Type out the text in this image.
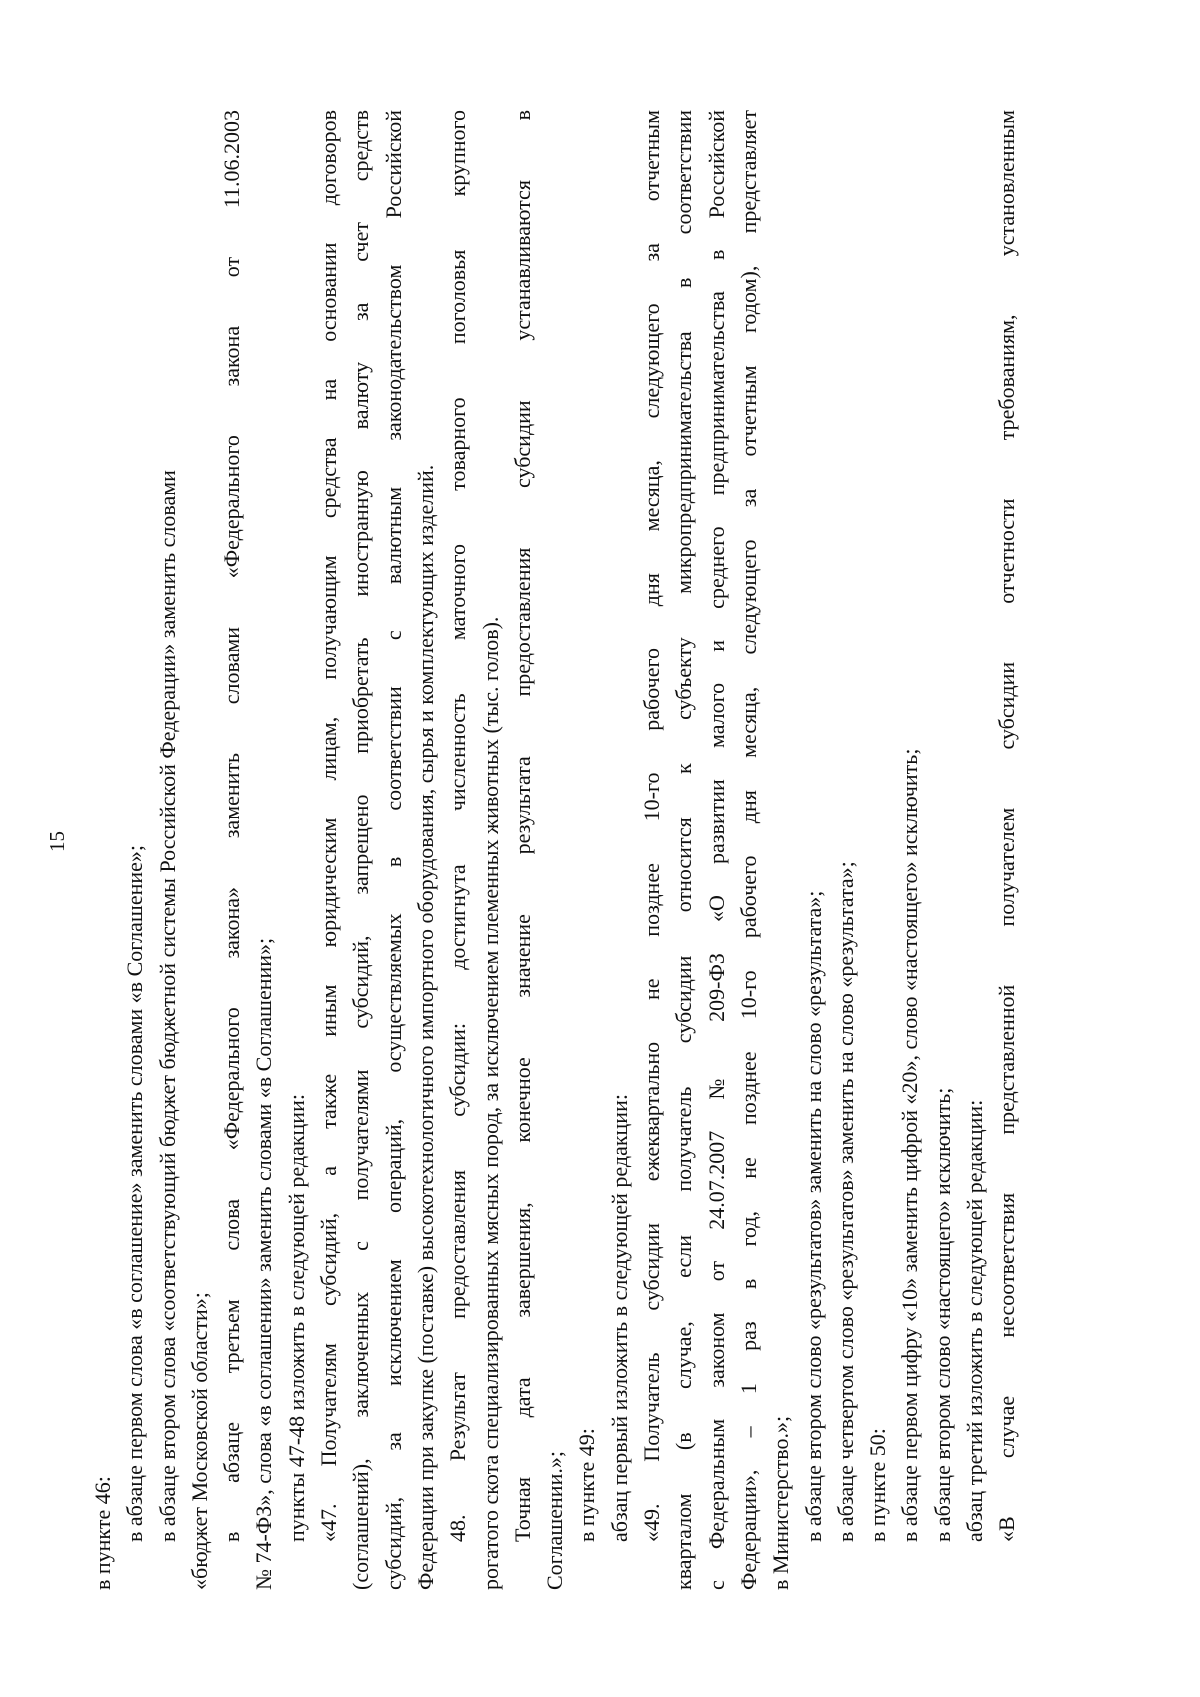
15
в пункте 46: в абзаце первом слова «в соглашение» заменить словами «в Соглашение»; в абзаце втором слова «соответствующий бюджет бюджетной системы Российской Федерации» заменить словами «бюджет Московской области»; в абзаце третьем слова «Федерального закона» заменить словами «Федерального закона от 11.06.2003 № 74-ФЗ», слова «в соглашении» заменить словами «в Соглашении»; пункты 47-48 изложить в следующей редакции: «47. Получателям субсидий, а также иным юридическим лицам, получающим средства на основании договоров (соглашений), заключенных с получателями субсидий, запрещено приобретать иностранную валюту за счет средств субсидий, за исключением операций, осуществляемых в соответствии с валютным законодательством Российской Федерации при закупке (поставке) высокотехнологичного импортного оборудования, сырья и комплектующих изделий. 48. Результат предоставления субсидии: достигнута численность маточного товарного поголовья крупного рогатого скота специализированных мясных пород, за исключением племенных животных (тыс. голов). Точная дата завершения, конечное значение результата предоставления субсидии устанавливаются в Соглашении.»; в пункте 49: абзац первый изложить в следующей редакции: «49. Получатель субсидии ежеквартально не позднее 10-го рабочего дня месяца, следующего за отчетным кварталом (в случае, если получатель субсидии относится к субъекту микропредпринимательства в соответствии с Федеральным законом от 24.07.2007 № 209-ФЗ «О развитии малого и среднего предпринимательства в Российской Федерации», – 1 раз в год, не позднее 10-го рабочего дня месяца, следующего за отчетным годом), представляет в Министерство.»; в абзаце втором слово «результатов» заменить на слово «результата»; в абзаце четвертом слово «результатов» заменить на слово «результата»; в пункте 50: в абзаце первом цифру «10» заменить цифрой «20», слово «настоящего» исключить; в абзаце втором слово «настоящего» исключить; абзац третий изложить в следующей редакции: «В случае несоответствия представленной получателем субсидии отчетности требованиям, установленным
